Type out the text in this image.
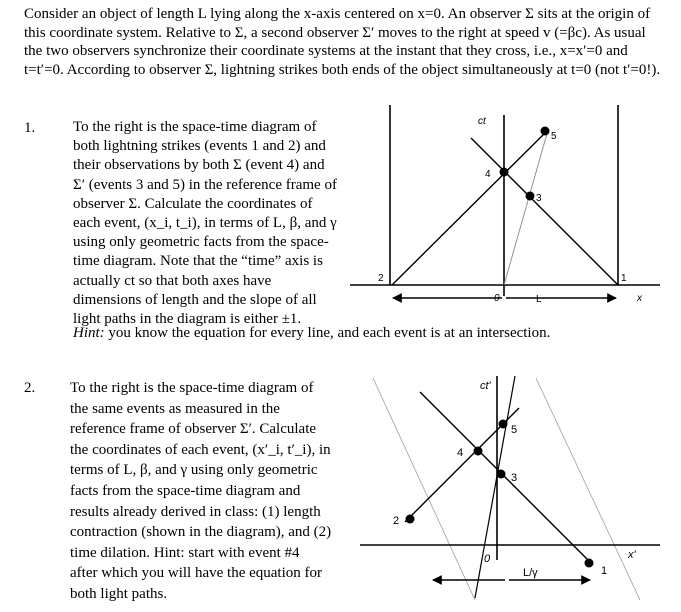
Consider an object of length L lying along the x-axis centered on x=0. An observer Σ sits at the origin of this coordinate system. Relative to Σ, a second observer Σ′ moves to the right at speed v (=βc). As usual the two observers synchronize their coordinate systems at the instant that they cross, i.e., x=x′=0 and t=t′=0. According to observer Σ, lightning strikes both ends of the object simultaneously at t=0 (not t′=0!).
1.	To the right is the space-time diagram of
both lightning strikes (events 1 and 2) and
their observations by both Σ (event 4) and
Σ′ (events 3 and 5) in the reference frame of
observer Σ. Calculate the coordinates of
each event, (x_i, t_i), in terms of L, β, and γ
using only geometric facts from the space-
time diagram. Note that the “time” axis is
actually ct so that both axes have
dimensions of length and the slope of all
light paths in the diagram is either ±1.
Hint: you know the equation for every line, and each event is at an intersection.
2. To the right is the space-time diagram of
the same events as measured in the
reference frame of observer Σ′. Calculate
the coordinates of each event, (x′_i, t′_i), in
terms of L, β, and γ using only geometric
facts from the space-time diagram and
results already derived in class: (1) length
contraction (shown in the diagram), and (2)
time dilation. Hint: start with event #4
after which you will have the equation for
both light paths.
ct
x
0	L
1
2
3
4
5
ct'
x'
0
L/γ	1
2
3
4
5
